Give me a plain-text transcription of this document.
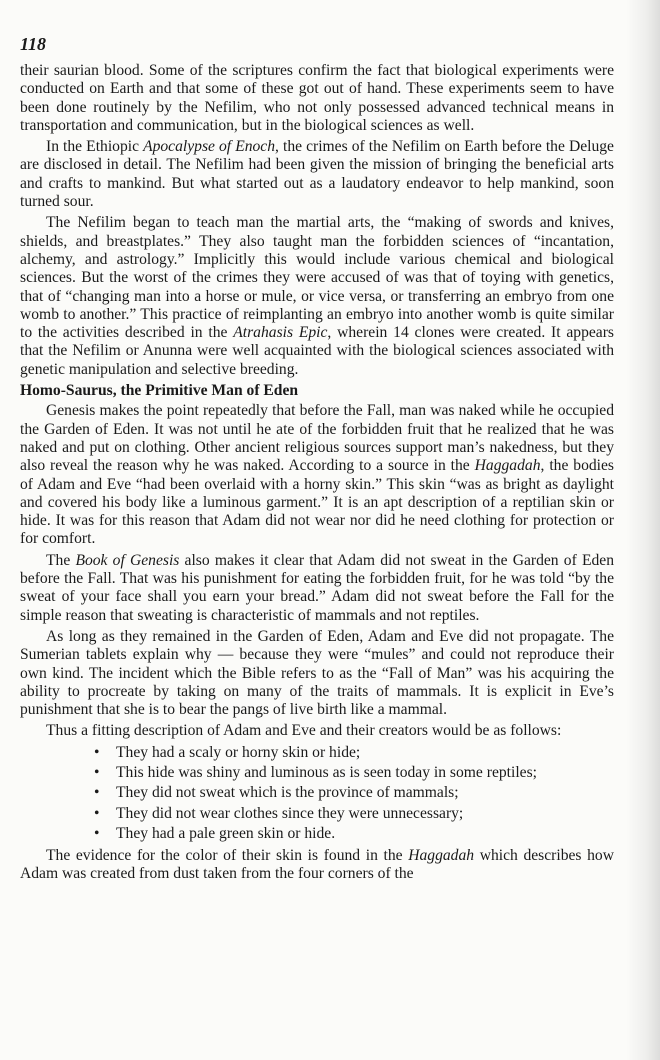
118

their saurian blood. Some of the scriptures confirm the fact that biological experiments were conducted on Earth and that some of these got out of hand. These experiments seem to have been done routinely by the Nefilim, who not only possessed advanced technical means in transportation and communication, but in the biological sciences as well.

In the Ethiopic Apocalypse of Enoch, the crimes of the Nefilim on Earth before the Deluge are disclosed in detail. The Nefilim had been given the mission of bringing the beneficial arts and crafts to mankind. But what started out as a laudatory endeavor to help mankind, soon turned sour.

The Nefilim began to teach man the martial arts, the “making of swords and knives, shields, and breastplates.” They also taught man the forbidden sciences of “incantation, alchemy, and astrology.” Implicitly this would include various chemical and biological sciences. But the worst of the crimes they were accused of was that of toying with genetics, that of “changing man into a horse or mule, or vice versa, or transferring an embryo from one womb to another.” This practice of reimplanting an embryo into another womb is quite similar to the activities described in the Atrahasis Epic, wherein 14 clones were created. It appears that the Nefilim or Anunna were well acquainted with the biological sciences associated with genetic manipulation and selective breeding.

Homo-Saurus, the Primitive Man of Eden

Genesis makes the point repeatedly that before the Fall, man was naked while he occupied the Garden of Eden. It was not until he ate of the forbidden fruit that he realized that he was naked and put on clothing. Other ancient religious sources support man’s nakedness, but they also reveal the reason why he was naked. According to a source in the Haggadah, the bodies of Adam and Eve “had been overlaid with a horny skin.” This skin “was as bright as daylight and covered his body like a luminous garment.” It is an apt description of a reptilian skin or hide. It was for this reason that Adam did not wear nor did he need clothing for protection or for comfort.

The Book of Genesis also makes it clear that Adam did not sweat in the Garden of Eden before the Fall. That was his punishment for eating the forbidden fruit, for he was told “by the sweat of your face shall you earn your bread.” Adam did not sweat before the Fall for the simple reason that sweating is characteristic of mammals and not reptiles.

As long as they remained in the Garden of Eden, Adam and Eve did not propagate. The Sumerian tablets explain why — because they were “mules” and could not reproduce their own kind. The incident which the Bible refers to as the “Fall of Man” was his acquiring the ability to procreate by taking on many of the traits of mammals. It is explicit in Eve’s punishment that she is to bear the pangs of live birth like a mammal.

Thus a fitting description of Adam and Eve and their creators would be as follows:

• They had a scaly or horny skin or hide;
• This hide was shiny and luminous as is seen today in some reptiles;
• They did not sweat which is the province of mammals;
• They did not wear clothes since they were unnecessary;
• They had a pale green skin or hide.

The evidence for the color of their skin is found in the Haggadah which describes how Adam was created from dust taken from the four corners of the
